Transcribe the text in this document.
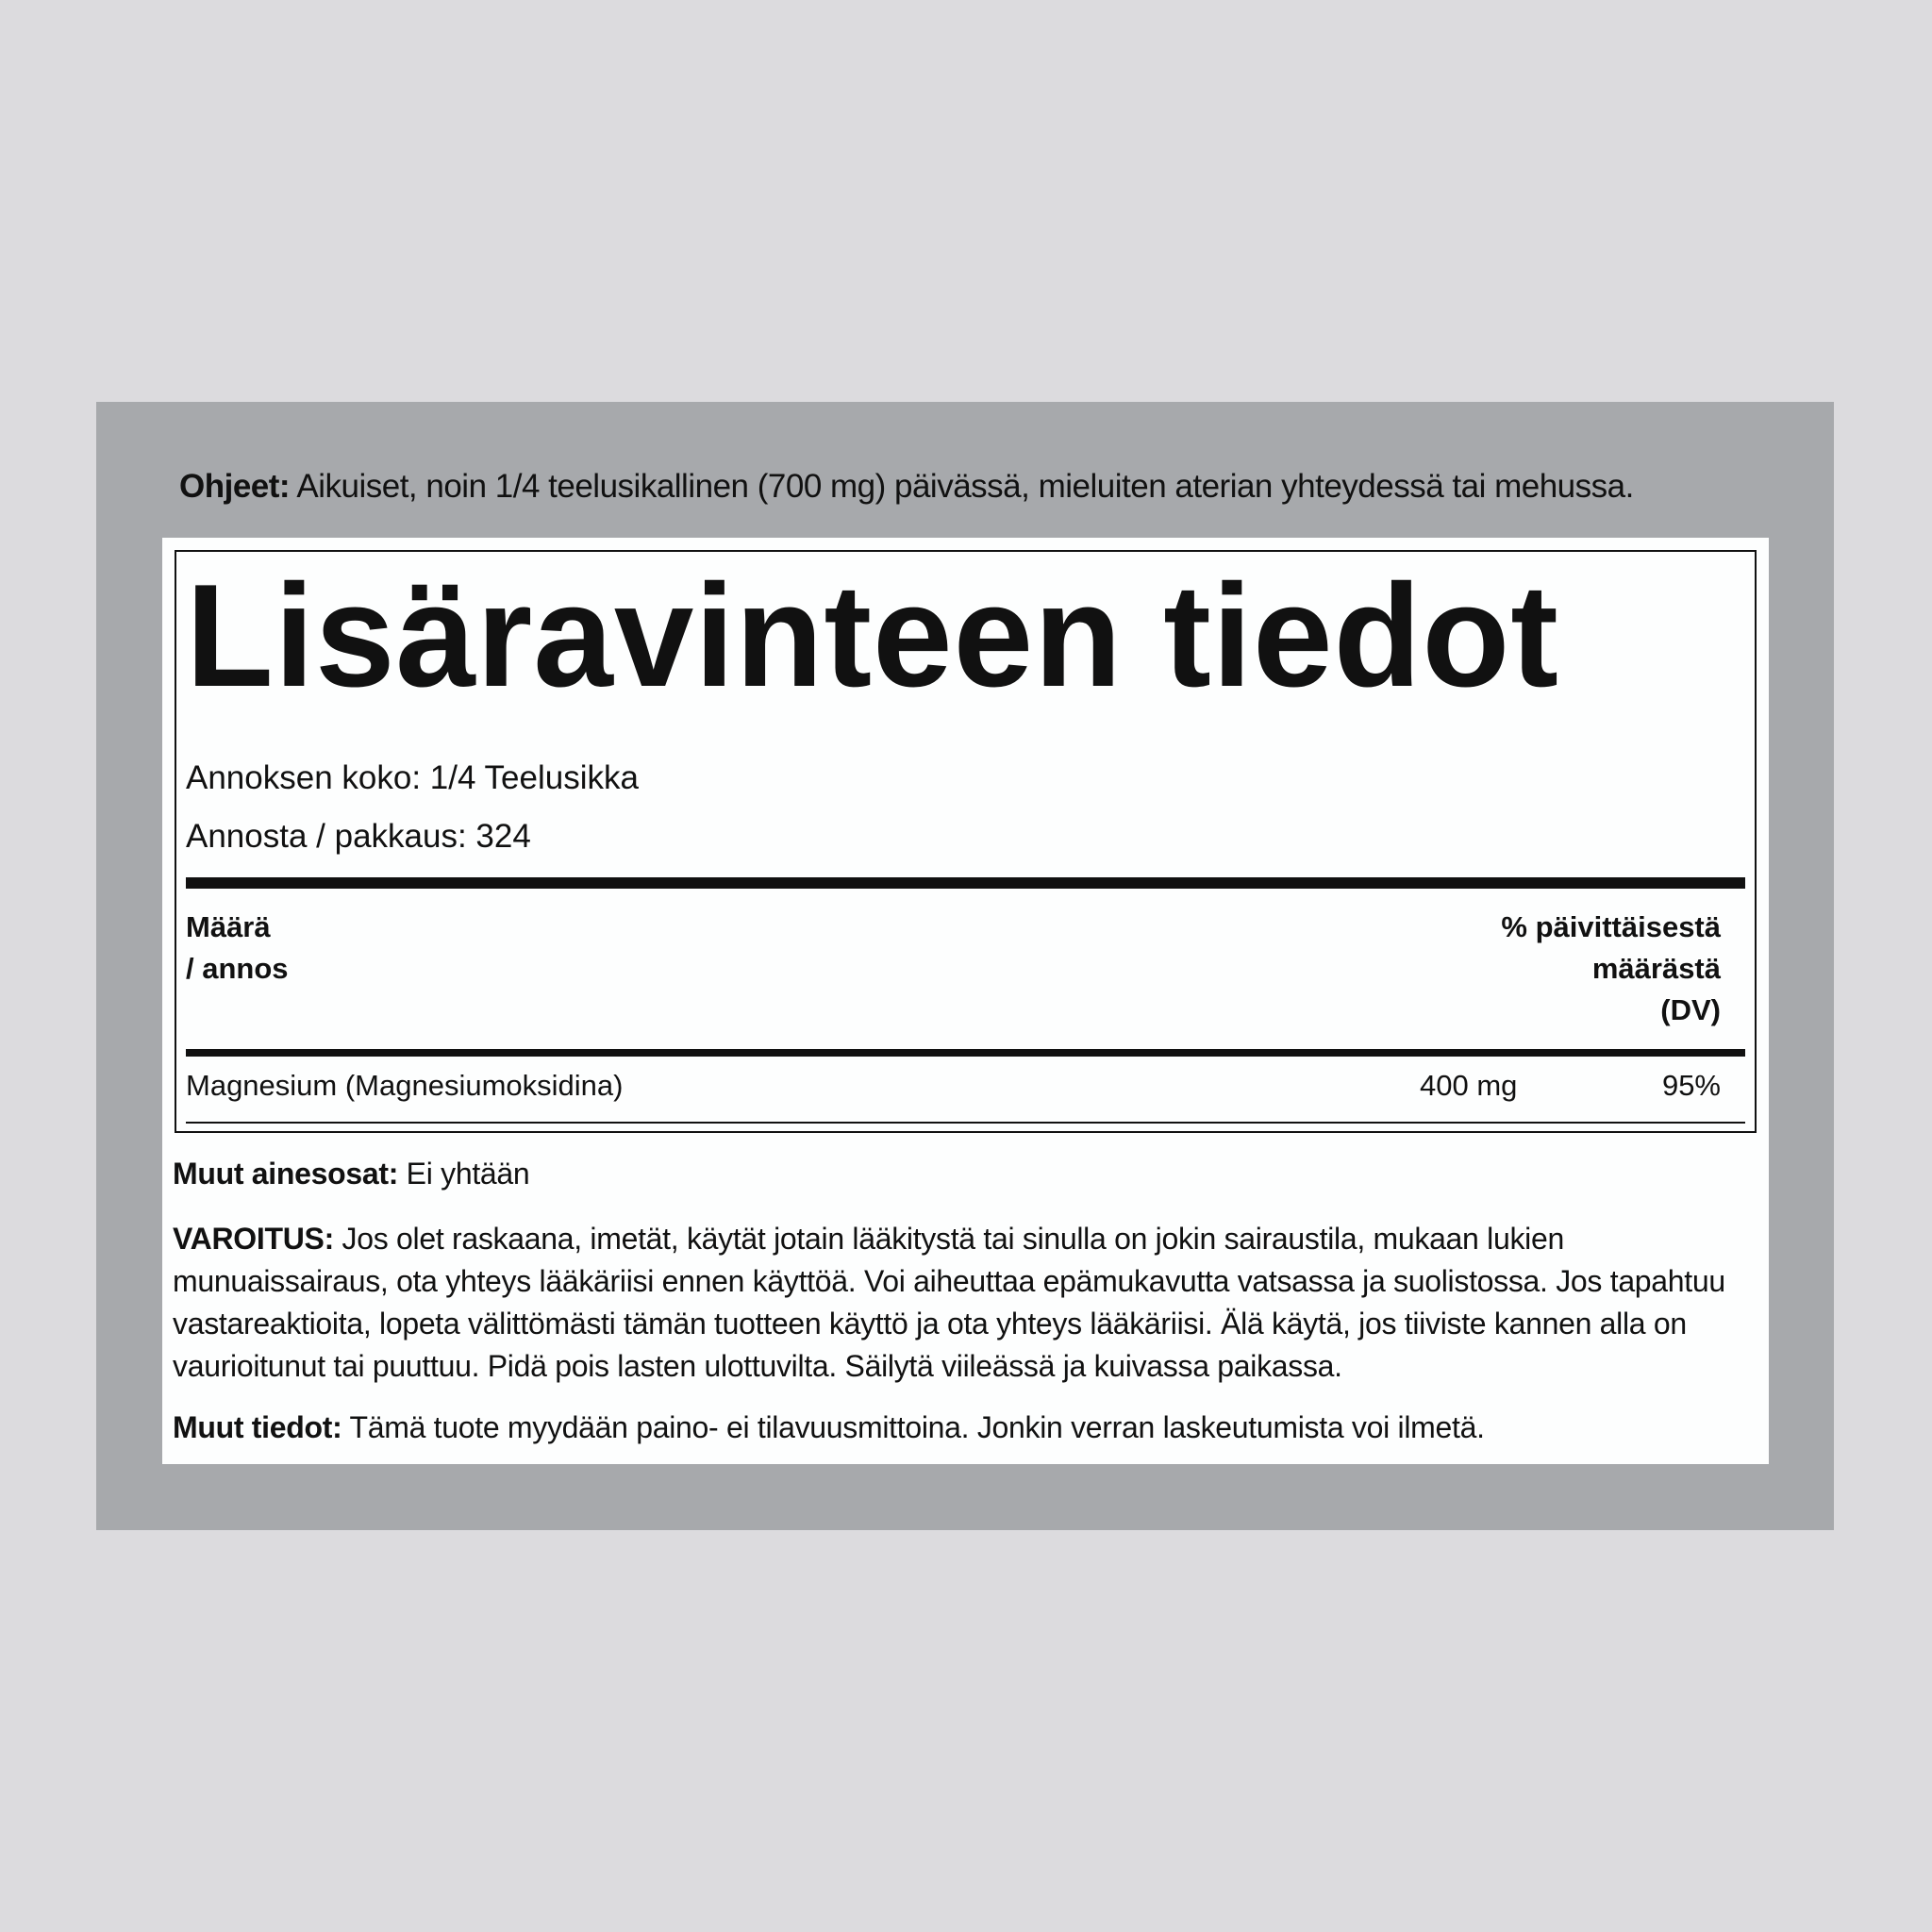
Ohjeet: Aikuiset, noin 1/4 teelusikallinen (700 mg) päivässä, mieluiten aterian yhteydessä tai mehussa.
Lisäravinteen tiedot
Annoksen koko: 1/4 Teelusikka
Annosta / pakkaus: 324
Määrä
/ annos
% päivittäisestä
määrästä
(DV)
Magnesium (Magnesiumoksidina)	400 mg	95%
Muut ainesosat: Ei yhtään
VAROITUS: Jos olet raskaana, imetät, käytät jotain lääkitystä tai sinulla on jokin sairaustila, mukaan lukien munuaissairaus, ota yhteys lääkäriisi ennen käyttöä. Voi aiheuttaa epämukavutta vatsassa ja suolistossa. Jos tapahtuu vastareaktioita, lopeta välittömästi tämän tuotteen käyttö ja ota yhteys lääkäriisi. Älä käytä, jos tiiviste kannen alla on vaurioitunut tai puuttuu. Pidä pois lasten ulottuvilta. Säilytä viileässä ja kuivassa paikassa.
Muut tiedot: Tämä tuote myydään paino- ei tilavuusmittoina. Jonkin verran laskeutumista voi ilmetä.
